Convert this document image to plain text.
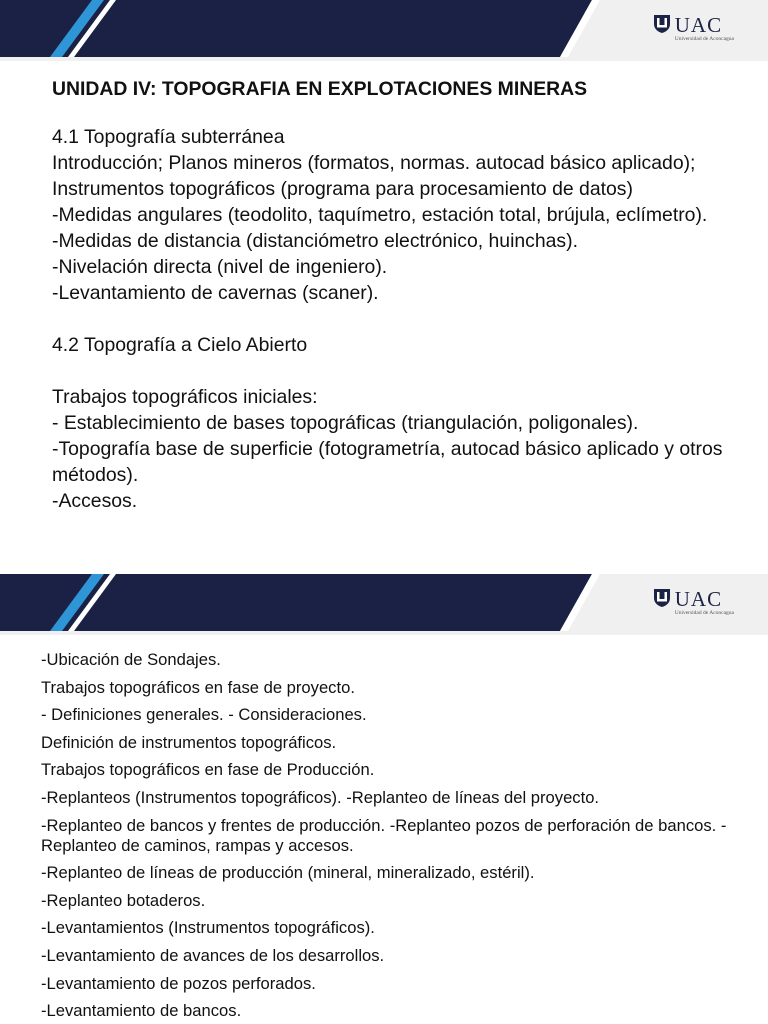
UAC
Universidad de Aconcagua

UNIDAD IV: TOPOGRAFIA EN EXPLOTACIONES MINERAS

4.1 Topografía subterránea

Introducción; Planos mineros (formatos, normas. autocad básico aplicado); Instrumentos topográficos (programa para procesamiento de datos)

-Medidas angulares (teodolito, taquímetro, estación total, brújula, eclímetro).

-Medidas de distancia (distanciómetro electrónico, huinchas).

-Nivelación directa (nivel de ingeniero).

-Levantamiento de cavernas (scaner).

4.2 Topografía a Cielo Abierto

Trabajos topográficos iniciales:

- Establecimiento de bases topográficas (triangulación, poligonales).

-Topografía base de superficie (fotogrametría, autocad básico aplicado y otros métodos).

-Accesos.

UAC
Universidad de Aconcagua

-Ubicación de Sondajes.

Trabajos topográficos en fase de proyecto.

- Definiciones generales. - Consideraciones.

Definición de instrumentos topográficos.

Trabajos topográficos en fase de Producción.

-Replanteos (Instrumentos topográficos). -Replanteo de líneas del proyecto.

-Replanteo de bancos y frentes de producción. -Replanteo pozos de perforación de bancos. -Replanteo de caminos, rampas y accesos.

-Replanteo de líneas de producción (mineral, mineralizado, estéril).

-Replanteo botaderos.

-Levantamientos (Instrumentos topográficos).

-Levantamiento de avances de los desarrollos.

-Levantamiento de pozos perforados.

-Levantamiento de bancos.
